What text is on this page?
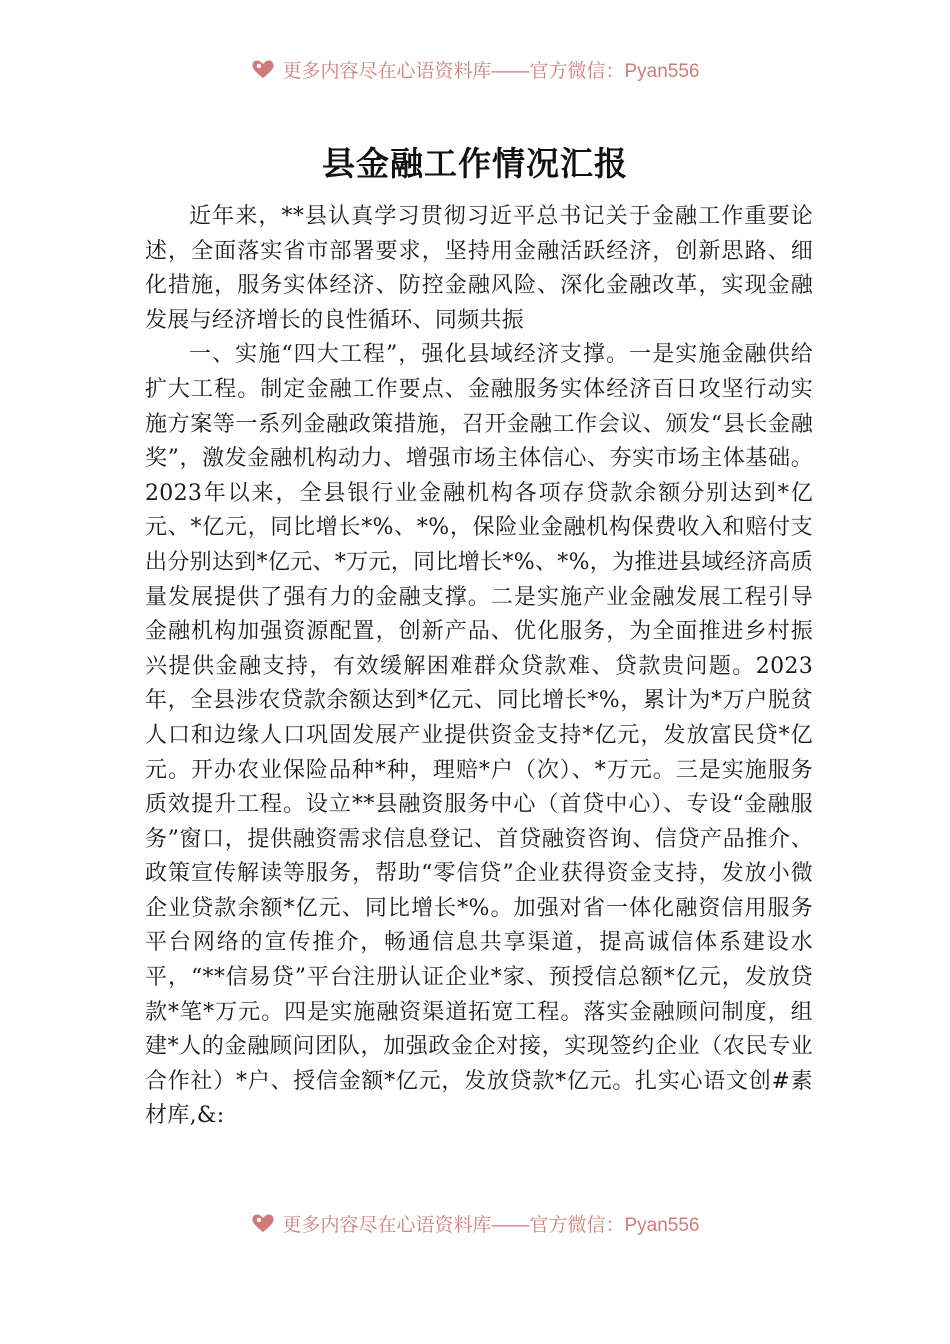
更多内容尽在心语资料库——官方微信：Pyan556
县金融工作情况汇报

近年来，**县认真学习贯彻习近平总书记关于金融工作重要论述，全面落实省市部署要求，坚持用金融活跃经济，创新思路、细化措施，服务实体经济、防控金融风险、深化金融改革，实现金融发展与经济增长的良性循环、同频共振

一、实施“四大工程”，强化县域经济支撑。一是实施金融供给扩大工程。制定金融工作要点、金融服务实体经济百日攻坚行动实施方案等一系列金融政策措施，召开金融工作会议、颁发“县长金融奖”，激发金融机构动力、增强市场主体信心、夯实市场主体基础。2023年以来，全县银行业金融机构各项存贷款余额分别达到*亿元、*亿元，同比增长*%、*%，保险业金融机构保费收入和赔付支出分别达到*亿元、*万元，同比增长*%、*%，为推进县域经济高质量发展提供了强有力的金融支撑。二是实施产业金融发展工程引导金融机构加强资源配置，创新产品、优化服务，为全面推进乡村振兴提供金融支持，有效缓解困难群众贷款难、贷款贵问题。2023年，全县涉农贷款余额达到*亿元、同比增长*%，累计为*万户脱贫人口和边缘人口巩固发展产业提供资金支持*亿元，发放富民贷*亿元。开办农业保险品种*种，理赔*户（次）、*万元。三是实施服务质效提升工程。设立**县融资服务中心（首贷中心）、专设“金融服务”窗口，提供融资需求信息登记、首贷融资咨询、信贷产品推介、政策宣传解读等服务，帮助“零信贷”企业获得资金支持，发放小微企业贷款余额*亿元、同比增长*%。加强对省一体化融资信用服务平台网络的宣传推介，畅通信息共享渠道，提高诚信体系建设水平，“**信易贷”平台注册认证企业*家、预授信总额*亿元，发放贷款*笔*万元。四是实施融资渠道拓宽工程。落实金融顾问制度，组建*人的金融顾问团队，加强政金企对接，实现签约企业（农民专业合作社）*户、授信金额*亿元，发放贷款*亿元。扎实心语文创#素材库,&:

更多内容尽在心语资料库——官方微信：Pyan556
